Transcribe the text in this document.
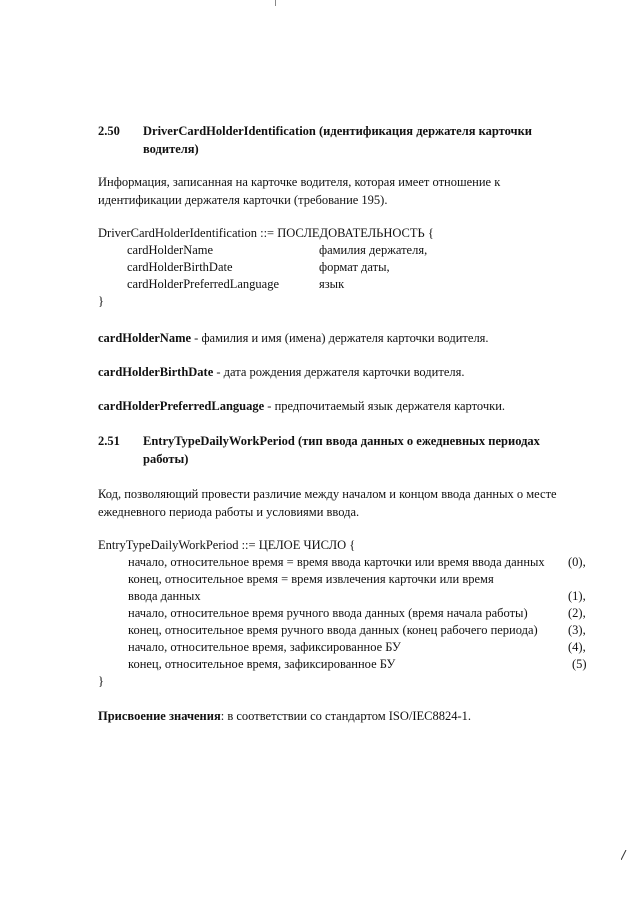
2.50 DriverCardHolderIdentification (идентификация держателя карточки
водителя)
Информация, записанная на карточке водителя, которая имеет отношение к
идентификации держателя карточки (требование 195).
DriverCardHolderIdentification ::= ПОСЛЕДОВАТЕЛЬНОСТЬ {
cardHolderName	фамилия держателя,
cardHolderBirthDate	формат даты,
cardHolderPreferredLanguage	язык
}
cardHolderName - фамилия и имя (имена) держателя карточки водителя.
cardHolderBirthDate - дата рождения держателя карточки водителя.
cardHolderPreferredLanguage - предпочитаемый язык держателя карточки.
2.51 EntryTypeDailyWorkPeriod (тип ввода данных о ежедневных периодах
работы)
Код, позволяющий провести различие между началом и концом ввода данных о месте
ежедневного периода работы и условиями ввода.
EntryTypeDailyWorkPeriod ::= ЦЕЛОЕ ЧИСЛО {
начало, относительное время = время ввода карточки или время ввода данных (0),
конец, относительное время = время извлечения карточки или время
ввода данных	(1),
начало, относительное время ручного ввода данных (время начала работы)	(2),
конец, относительное время ручного ввода данных (конец рабочего периода) (3),
начало, относительное время, зафиксированное БУ	(4),
конец, относительное время, зафиксированное БУ	(5)
}
Присвоение значения: в соответствии со стандартом ISO/IEC8824-1.
